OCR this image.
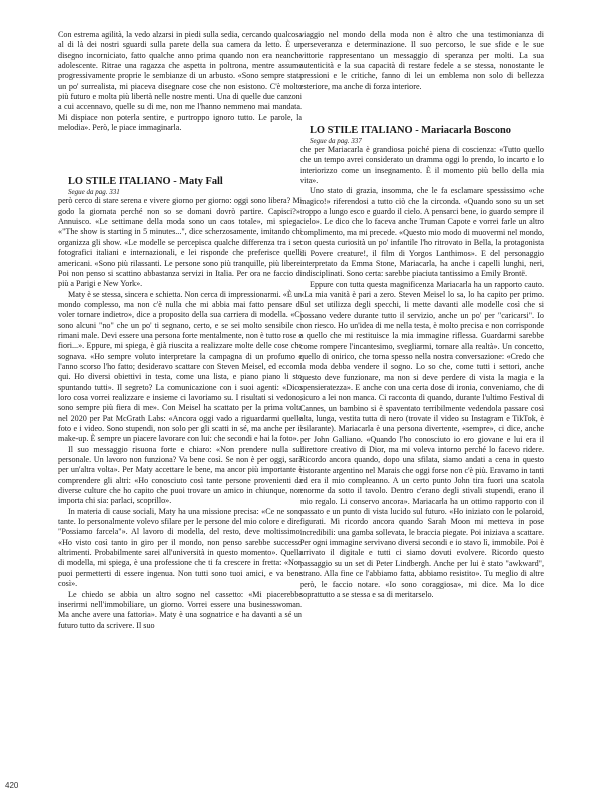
Con estrema agilità, la vedo alzarsi in piedi sulla sedia, cercando qualcosa al di là dei nostri sguardi sulla parete della sua camera da letto. È un disegno incorniciato, fatto qualche anno prima quando non era neanche adolescente. Ritrae una ragazza che aspetta in poltrona, mentre assume progressivamente proprie le sembianze di un arbusto. «Sono sempre stata un po' surrealista, mi piaceva disegnare cose che non esistono. C'è molto più futuro e molta più libertà nelle nostre menti. Una di quelle due canzoni a cui accennavo, quelle su di me, non me l'hanno nemmeno mai mandata. Mi dispiace non poterla sentire, e purtroppo ignoro tutto. Le parole, la melodia». Però, le piace immaginarla.

LO STILE ITALIANO - Maty Fall

Segue da pag. 331

però cerco di stare serena e vivere giorno per giorno: oggi sono libera? Mi godo la giornata perché non so se domani dovrò partire. Capisci?». Annuisco. «Le settimane della moda sono un caos totale», mi spiega. «"The show is starting in 5 minutes...", dice scherzosamente, imitando chi organizza gli show. «Le modelle se percepisca qualche differenza tra i set fotografici italiani e internazionali, e lei risponde che preferisce quelli americani. «Sono più rilassanti. Le persone sono più tranquille, più libere. Poi non penso si scattino abbastanza servizi in Italia. Per ora ne faccio di più a Parigi e New York».

Maty è se stessa, sincera e schietta. Non cerca di impressionarmi. «È un mondo complesso, ma non c'è nulla che mi abbia mai fatto pensare di voler tornare indietro», dice a proposito della sua carriera di modella. «Ci sono alcuni "no" che un po' ti segnano, certo, e se sei molto sensibile ci rimani male. Devi essere una persona forte mentalmente, non è tutto rose e fiori...». Eppure, mi spiega, è già riuscita a realizzare molte delle cose che sognava. «Ho sempre voluto interpretare la campagna di un profumo e l'anno scorso l'ho fatto; desideravo scattare con Steven Meisel, ed eccomi qui. Ho diversi obiettivi in testa, come una lista, e piano piano li sto spuntando tutti». Il segreto? La comunicazione con i suoi agenti: «Dico loro cosa vorrei realizzare e insieme ci lavoriamo su. I risultati si vedono, sono sempre più fiera di me». Con Meisel ha scattato per la prima volta nel 2020 per Pat McGrath Labs: «Ancora oggi vado a riguardarmi quelle foto e i video. Sono stupendi, non solo per gli scatti in sé, ma anche per il make-up. È sempre un piacere lavorare con lui: che secondi e hai la foto».

Il suo messaggio risuona forte e chiaro: «Non prendere nulla sul personale. Un lavoro non funziona? Va bene così. Se non è per oggi, sarà per un'altra volta». Per Maty accettare le bene, ma ancor più importante è comprendere gli altri: «Ho conosciuto così tante persone provenienti da diverse culture che ho capito che puoi trovare un amico in chiunque, non importa chi sia: parlaci, scoprillo».

In materia di cause sociali, Maty ha una missione precisa: «Ce ne sono tante. Io personalmente volevo sfilare per le persone del mio colore e dire: "Possiamo farcela"». Al lavoro di modella, del resto, deve moltissimo: «Ho visto così tanto in giro per il mondo, non penso sarebbe successo altrimenti. Probabilmente sarei all'università in questo momento». Quella di modella, mi spiega, è una professione che ti fa crescere in fretta: «Non puoi permetterti di essere ingenua. Non tutti sono tuoi amici, e va bene così».

Le chiedo se abbia un altro sogno nel cassetto: «Mi piacerebbe inserirmi nell'immobiliare, un giorno. Vorrei essere una businesswoman. Ma anche avere una fattoria». Maty è una sognatrice e ha davanti a sé un futuro tutto da scrivere. Il suo

viaggio nel mondo della moda non è altro che una testimonianza di perseveranza e determinazione. Il suo percorso, le sue sfide e le sue vittorie rappresentano un messaggio di speranza per molti. La sua autenticità e la sua capacità di restare fedele a se stessa, nonostante le pressioni e le critiche, fanno di lei un emblema non solo di bellezza esteriore, ma anche di forza interiore.

LO STILE ITALIANO - Mariacarla Boscono

Segue da pag. 337

che per Mariacarla è grandiosa poiché piena di coscienza: «Tutto quello che un tempo avrei considerato un dramma oggi lo prendo, lo incarto e lo interiorizzo come un insegnamento. È il momento più bello della mia vita».

Uno stato di grazia, insomma, che le fa esclamare spessissimo «che magico!» riferendosi a tutto ciò che la circonda. «Quando sono su un set troppo a lungo esco e guardo il cielo. A pensarci bene, io guardo sempre il cielo». Le dico che lo faceva anche Truman Capote e vorrei farle un altro complimento, ma mi precede. «Questo mio modo di muovermi nel mondo, con questa curiosità un po' infantile l'ho ritrovato in Bella, la protagonista di Povere creature!, il film di Yorgos Lanthimos». E del personaggio interpretato da Emma Stone, Mariacarla, ha anche i capelli lunghi, neri, indisciplinati. Sono certa: sarebbe piaciuta tantissimo a Emily Brontë.

Eppure con tutta questa magnificenza Mariacarla ha un rapporto cauto. «La mia vanità è pari a zero. Steven Meisel lo sa, lo ha capito per primo. Sul set utilizza degli specchi, li mette davanti alle modelle così che si possano vedere durante tutto il servizio, anche un po' per "caricarsi". Io non riesco. Ho un'idea di me nella testa, è molto precisa e non corrisponde a quello che mi restituisce la mia immagine riflessa. Guardarmi sarebbe come rompere l'incantesimo, svegliarmi, tornare alla realtà». Un concetto, quello di onirico, che torna spesso nella nostra conversazione: «Credo che la moda debba vendere il sogno. Lo so che, come tutti i settori, anche questo deve funzionare, ma non si deve perdere di vista la magia e la spensieratezza». E anche con una certa dose di ironia, conveniamo, che di sicuro a lei non manca. Ci racconta di quando, durante l'ultimo Festival di Cannes, un bambino si è spaventato terribilmente vedendola passare così alta, lunga, vestita tutta di nero (trovate il video su Instagram e TikTok, è esilarante). Mariacarla è una persona divertente, «sempre», ci dice, anche per John Galliano. «Quando l'ho conosciuto io ero giovane e lui era il direttore creativo di Dior, ma mi voleva intorno perché lo facevo ridere. Ricordo ancora quando, dopo una sfilata, siamo andati a cena in questo ristorante argentino nel Marais che oggi forse non c'è più. Eravamo in tanti ed era il mio compleanno. A un certo punto John tira fuori una scatola enorme da sotto il tavolo. Dentro c'erano degli stivali stupendi, erano il mio regalo. Li conservo ancora». Mariacarla ha un ottimo rapporto con il passato e un punto di vista lucido sul futuro. «Ho iniziato con le polaroid, figurati. Mi ricordo ancora quando Sarah Moon mi metteva in pose incredibili: una gamba sollevata, le braccia piegate. Poi iniziava a scattare. Per ogni immagine servivano diversi secondi e io stavo lì, immobile. Poi è arrivato il digitale e tutti ci siamo dovuti evolvere. Ricordo questo passaggio su un set di Peter Lindbergh. Anche per lui è stato "awkward", strano. Alla fine ce l'abbiamo fatta, abbiamo resistito». Tu meglio di altre però, le faccio notare. «Io sono coraggiosa», mi dice. Ma lo dice soprattutto a se stessa e sa di meritarselo.

420
